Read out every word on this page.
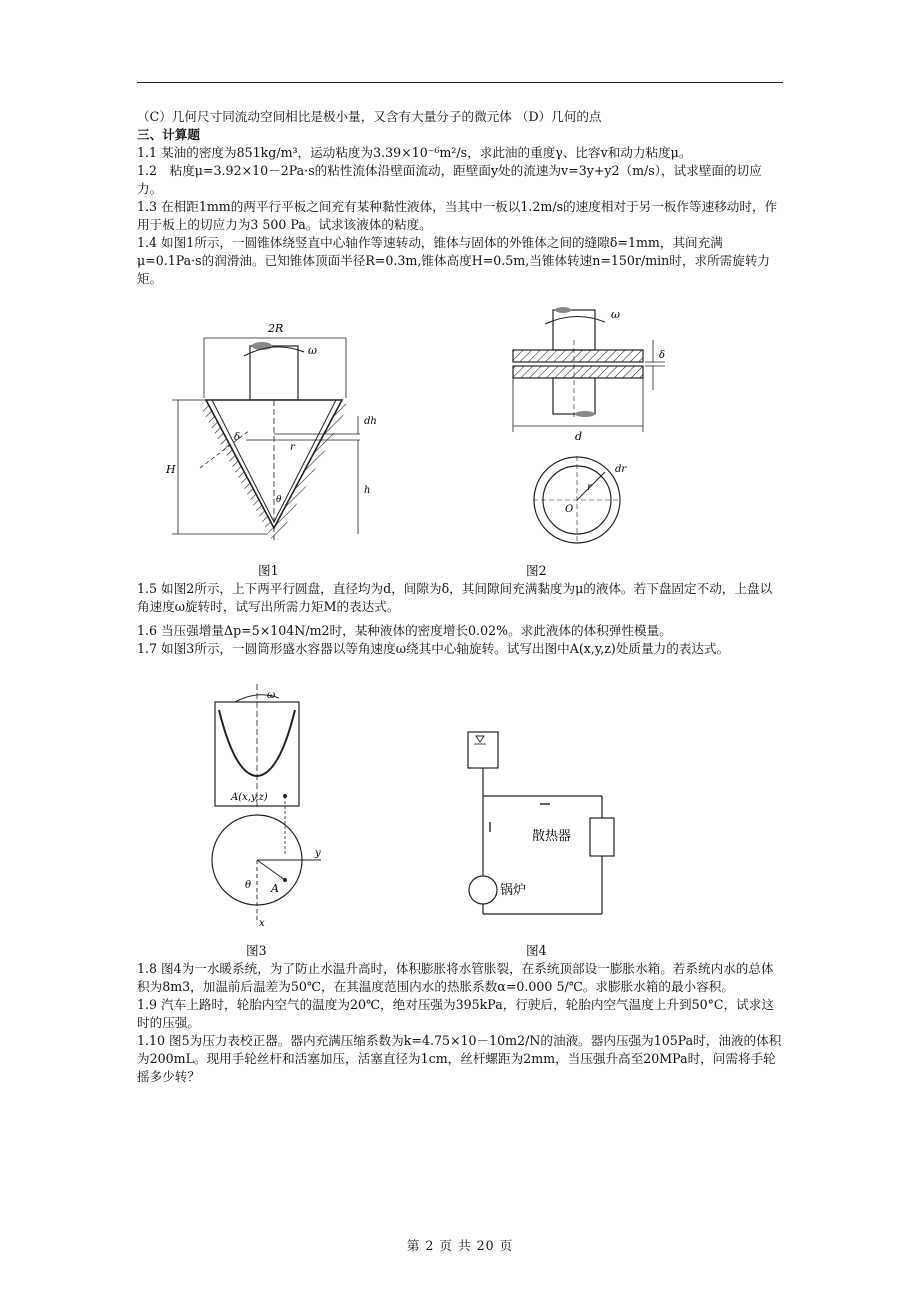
（C）几何尺寸同流动空间相比是极小量，又含有大量分子的微元体 （D）几何的点

三、计算题

1.1 某油的密度为851kg/m³，运动粘度为3.39×10⁻⁶m²/s，求此油的重度γ、比容v和动力粘度μ。

1.2　粘度μ=3.92×10－2Pa·s的粘性流体沿壁面流动，距壁面y处的流速为v=3y+y2（m/s），试求壁面的切应力。

1.3 在相距1mm的两平行平板之间充有某种黏性液体，当其中一板以1.2m/s的速度相对于另一板作等速移动时，作用于板上的切应力为3 500 Pa。试求该液体的粘度。

1.4 如图1所示，一圆锥体绕竖直中心轴作等速转动，锥体与固体的外锥体之间的缝隙δ=1mm，其间充满μ=0.1Pa·s的润滑油。已知锥体顶面半径R=0.3m,锥体高度H=0.5m,当锥体转速n=150r/min时，求所需旋转力矩。

2R
ω
H
r
dh
h
δ
θ
图1
ω
δ
d
r
dr
O
图2

1.5 如图2所示，上下两平行圆盘，直径均为d，间隙为δ，其间隙间充满黏度为μ的液体。若下盘固定不动，上盘以角速度ω旋转时，试写出所需力矩M的表达式。

1.6 当压强增量Δp=5×104N/m2时，某种液体的密度增长0.02%。求此液体的体积弹性模量。

1.7 如图3所示，一圆筒形盛水容器以等角速度ω绕其中心轴旋转。试写出图中A(x,y,z)处质量力的表达式。

ω
A(x,y,z)
y
x
θ A
图3
散热器
锅炉
图4

1.8 图4为一水暖系统，为了防止水温升高时，体积膨胀将水管胀裂，在系统顶部设一膨胀水箱。若系统内水的总体积为8m3，加温前后温差为50℃，在其温度范围内水的热胀系数α=0.000 5/℃。求膨胀水箱的最小容积。

1.9 汽车上路时，轮胎内空气的温度为20℃，绝对压强为395kPa，行驶后，轮胎内空气温度上升到50°C，试求这时的压强。

1.10 图5为压力表校正器。器内充满压缩系数为k=4.75×10－10m2/N的油液。器内压强为105Pa时，油液的体积为200mL。现用手轮丝杆和活塞加压，活塞直径为1cm，丝杆螺距为2mm，当压强升高至20MPa时，问需将手轮摇多少转？

第 2 页 共 20 页
